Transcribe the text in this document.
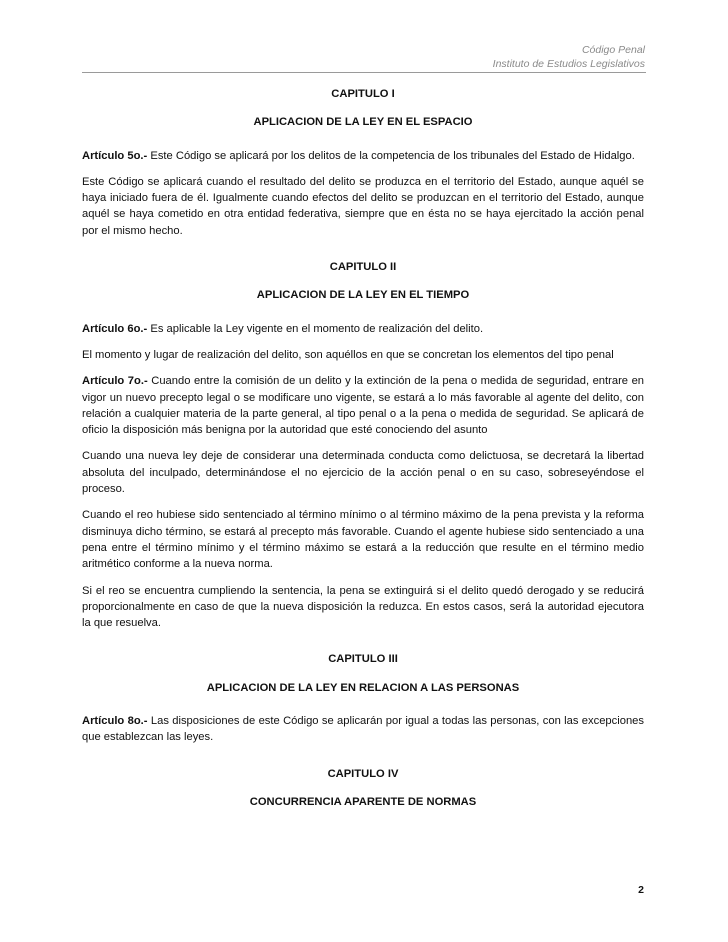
Código Penal
Instituto de Estudios Legislativos
CAPITULO I
APLICACION DE LA LEY EN EL ESPACIO

Artículo 5o.- Este Código se aplicará por los delitos de la competencia de los tribunales del Estado de Hidalgo.

Este Código se aplicará cuando el resultado del delito se produzca en el territorio del Estado, aunque aquél se haya iniciado fuera de él. Igualmente cuando efectos del delito se produzcan en el territorio del Estado, aunque aquél se haya cometido en otra entidad federativa, siempre que en ésta no se haya ejercitado la acción penal por el mismo hecho.

CAPITULO II
APLICACION DE LA LEY EN EL TIEMPO

Artículo 6o.- Es aplicable la Ley vigente en el momento de realización del delito.

El momento y lugar de realización del delito, son aquéllos en que se concretan los elementos del tipo penal

Artículo 7o.- Cuando entre la comisión de un delito y la extinción de la pena o medida de seguridad, entrare en vigor un nuevo precepto legal o se modificare uno vigente, se estará a lo más favorable al agente del delito, con relación a cualquier materia de la parte general, al tipo penal o a la pena o medida de seguridad. Se aplicará de oficio la disposición más benigna por la autoridad que esté conociendo del asunto

Cuando una nueva ley deje de considerar una determinada conducta como delictuosa, se decretará la libertad absoluta del inculpado, determinándose el no ejercicio de la acción penal o en su caso, sobreseyéndose el proceso.

Cuando el reo hubiese sido sentenciado al término mínimo o al término máximo de la pena prevista y la reforma disminuya dicho término, se estará al precepto más favorable. Cuando el agente hubiese sido sentenciado a una pena entre el término mínimo y el término máximo se estará a la reducción que resulte en el término medio aritmético conforme a la nueva norma.

Si el reo se encuentra cumpliendo la sentencia, la pena se extinguirá si el delito quedó derogado y se reducirá proporcionalmente en caso de que la nueva disposición la reduzca. En estos casos, será la autoridad ejecutora la que resuelva.

CAPITULO III
APLICACION DE LA LEY EN RELACION A LAS PERSONAS

Artículo 8o.- Las disposiciones de este Código se aplicarán por igual a todas las personas, con las excepciones que establezcan las leyes.

CAPITULO IV
CONCURRENCIA APARENTE DE NORMAS
2
